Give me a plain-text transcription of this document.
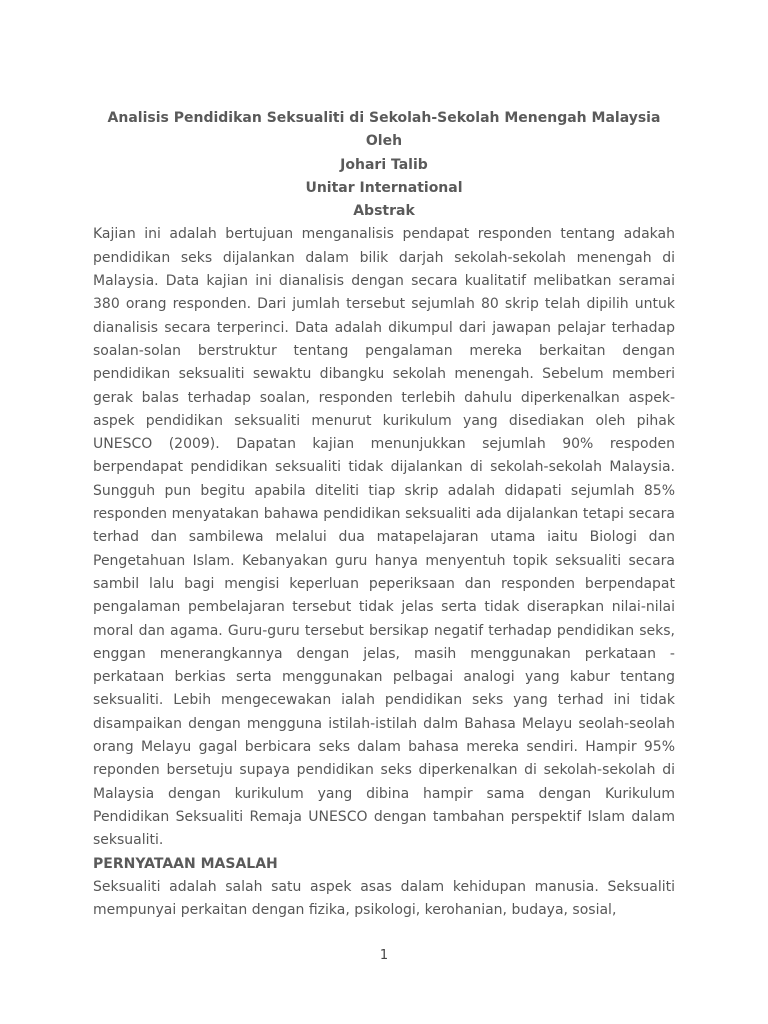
Analisis Pendidikan Seksualiti di Sekolah-Sekolah Menengah Malaysia
Oleh
Johari Talib
Unitar International
Abstrak

Kajian ini adalah bertujuan menganalisis pendapat responden tentang adakah pendidikan seks dijalankan dalam bilik darjah sekolah-sekolah menengah di Malaysia. Data kajian ini dianalisis dengan secara kualitatif melibatkan seramai 380 orang responden. Dari jumlah tersebut sejumlah 80 skrip telah dipilih untuk dianalisis secara terperinci. Data adalah dikumpul dari jawapan pelajar terhadap soalan-solan berstruktur tentang pengalaman mereka berkaitan dengan pendidikan seksualiti sewaktu dibangku sekolah menengah. Sebelum memberi gerak balas terhadap soalan, responden terlebih dahulu diperkenalkan aspek-aspek pendidikan seksualiti menurut kurikulum yang disediakan oleh pihak UNESCO (2009). Dapatan kajian menunjukkan sejumlah 90% respoden berpendapat pendidikan seksualiti tidak dijalankan di sekolah-sekolah Malaysia. Sungguh pun begitu apabila diteliti tiap skrip adalah didapati sejumlah 85% responden menyatakan bahawa pendidikan seksualiti ada dijalankan tetapi secara terhad dan sambilewa melalui dua matapelajaran utama iaitu Biologi dan Pengetahuan Islam. Kebanyakan guru hanya menyentuh topik seksualiti secara sambil lalu bagi mengisi keperluan peperiksaan dan responden berpendapat pengalaman pembelajaran tersebut tidak jelas serta tidak diserapkan nilai-nilai moral dan agama. Guru-guru tersebut bersikap negatif terhadap pendidikan seks, enggan menerangkannya dengan jelas, masih menggunakan perkataan -perkataan berkias serta menggunakan pelbagai analogi yang kabur tentang seksualiti. Lebih mengecewakan ialah pendidikan seks yang terhad ini tidak disampaikan dengan mengguna istilah-istilah dalm Bahasa Melayu seolah-seolah orang Melayu gagal berbicara seks dalam bahasa mereka sendiri. Hampir 95% reponden bersetuju supaya pendidikan seks diperkenalkan di sekolah-sekolah di Malaysia dengan kurikulum yang dibina hampir sama dengan Kurikulum Pendidikan Seksualiti Remaja UNESCO dengan tambahan perspektif Islam dalam seksualiti.

PERNYATAAN MASALAH

Seksualiti adalah salah satu aspek asas dalam kehidupan manusia. Seksualiti mempunyai perkaitan dengan fizika, psikologi, kerohanian, budaya, sosial,

1
